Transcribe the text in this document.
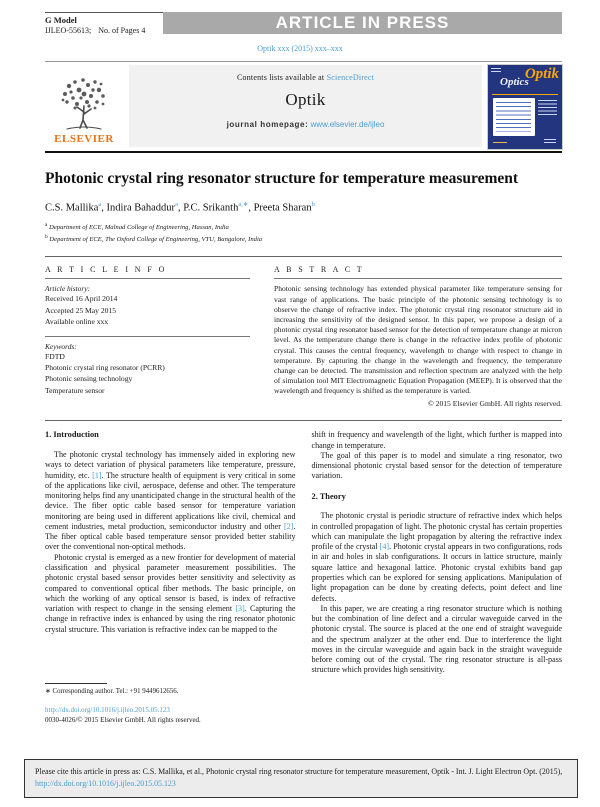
G Model
IJLEO-55613; No. of Pages 4	ARTICLE IN PRESS
Optik xxx (2015) xxx–xxx
ELSEVIER
Contents lists available at ScienceDirect
Optik
journal homepage: www.elsevier.de/ijleo
Optics
Optik
Photonic crystal ring resonator structure for temperature measurement
C.S. Mallika$^a$, Indira Bahaddur$^a$, P.C. Srikanth$^{a,∗}$, Preeta Sharan$^b$
$^a$ Department of ECE, Malnad College of Engineering, Hassan, India
$^b$ Department of ECE, The Oxford College of Engineering, VTU, Bangalore, India
A R T I C L E I N F O
Article history:
Received 16 April 2014
Accepted 25 May 2015
Available online xxx
Keywords:
FDTD
Photonic crystal ring resonator (PCRR)
Photonic sensing technology
Temperature sensor
A B S T R A C T
Photonic sensing technology has extended physical parameter like temperature sensing for vast range of applications. The basic principle of the photonic sensing technology is to observe the change of refractive index. The photonic crystal ring resonator structure aid in increasing the sensitivity of the designed sensor. In this paper, we propose a design of a photonic crystal ring resonator based sensor for the detection of temperature change at micron level. As the temperature change there is change in the refractive index profile of photonic crystal. This causes the central frequency, wavelength to change with respect to change in temperature. By capturing the change in the wavelength and frequency, the temperature change can be detected. The transmission and reflection spectrum are analyzed with the help of simulation tool MIT Electromagnetic Equation Propagation (MEEP). It is observed that the wavelength and frequency is shifted as the temperature is varied.
© 2015 Elsevier GmbH. All rights reserved.
1. Introduction

The photonic crystal technology has immensely aided in exploring new ways to detect variation of physical parameters like temperature, pressure, humidity, etc. [1]. The structure health of equipment is very critical in some of the applications like civil, aerospace, defense and other. The temperature monitoring helps find any unanticipated change in the structural health of the device. The fiber optic cable based sensor for temperature variation monitoring are being used in different applications like civil, chemical and cement industries, metal production, semiconductor industry and other [2]. The fiber optical cable based temperature sensor provided better stability over the conventional non-optical methods.

Photonic crystal is emerged as a new frontier for development of material classification and physical parameter measurement possibilities. The photonic crystal based sensor provides better sensitivity and selectivity as compared to conventional optical fiber methods. The basic principle, on which the working of any optical sensor is based, is index of refractive variation with respect to change in the sensing element [3]. Capturing the change in refractive index is enhanced by using the ring resonator photonic crystal structure. This variation is refractive index can be mapped to the

shift in frequency and wavelength of the light, which further is mapped into change in temperature.

The goal of this paper is to model and simulate a ring resonator, two dimensional photonic crystal based sensor for the detection of temperature variation.

2. Theory

The photonic crystal is periodic structure of refractive index which helps in controlled propagation of light. The photonic crystal has certain properties which can manipulate the light propagation by altering the refractive index profile of the crystal [4]. Photonic crystal appears in two configurations, rods in air and holes in slab configurations. It occurs in lattice structure, mainly square lattice and hexagonal lattice. Photonic crystal exhibits band gap properties which can be explored for sensing applications. Manipulation of light propagation can be done by creating defects, point defect and line defects.

In this paper, we are creating a ring resonator structure which is nothing but the combination of line defect and a circular waveguide carved in the photonic crystal. The source is placed at the one end of straight waveguide and the spectrum analyzer at the other end. Due to interference the light moves in the circular waveguide and again back in the straight waveguide before coming out of the crystal. The ring resonator structure is all-pass structure which provides high sensitivity.

∗ Corresponding author. Tel.: +91 9449612656.
http://dx.doi.org/10.1016/j.ijleo.2015.05.123
0030-4026/© 2015 Elsevier GmbH. All rights reserved.
Please cite this article in press as: C.S. Mallika, et al., Photonic crystal ring resonator structure for temperature measurement, Optik - Int. J. Light Electron Opt. (2015), http://dx.doi.org/10.1016/j.ijleo.2015.05.123
